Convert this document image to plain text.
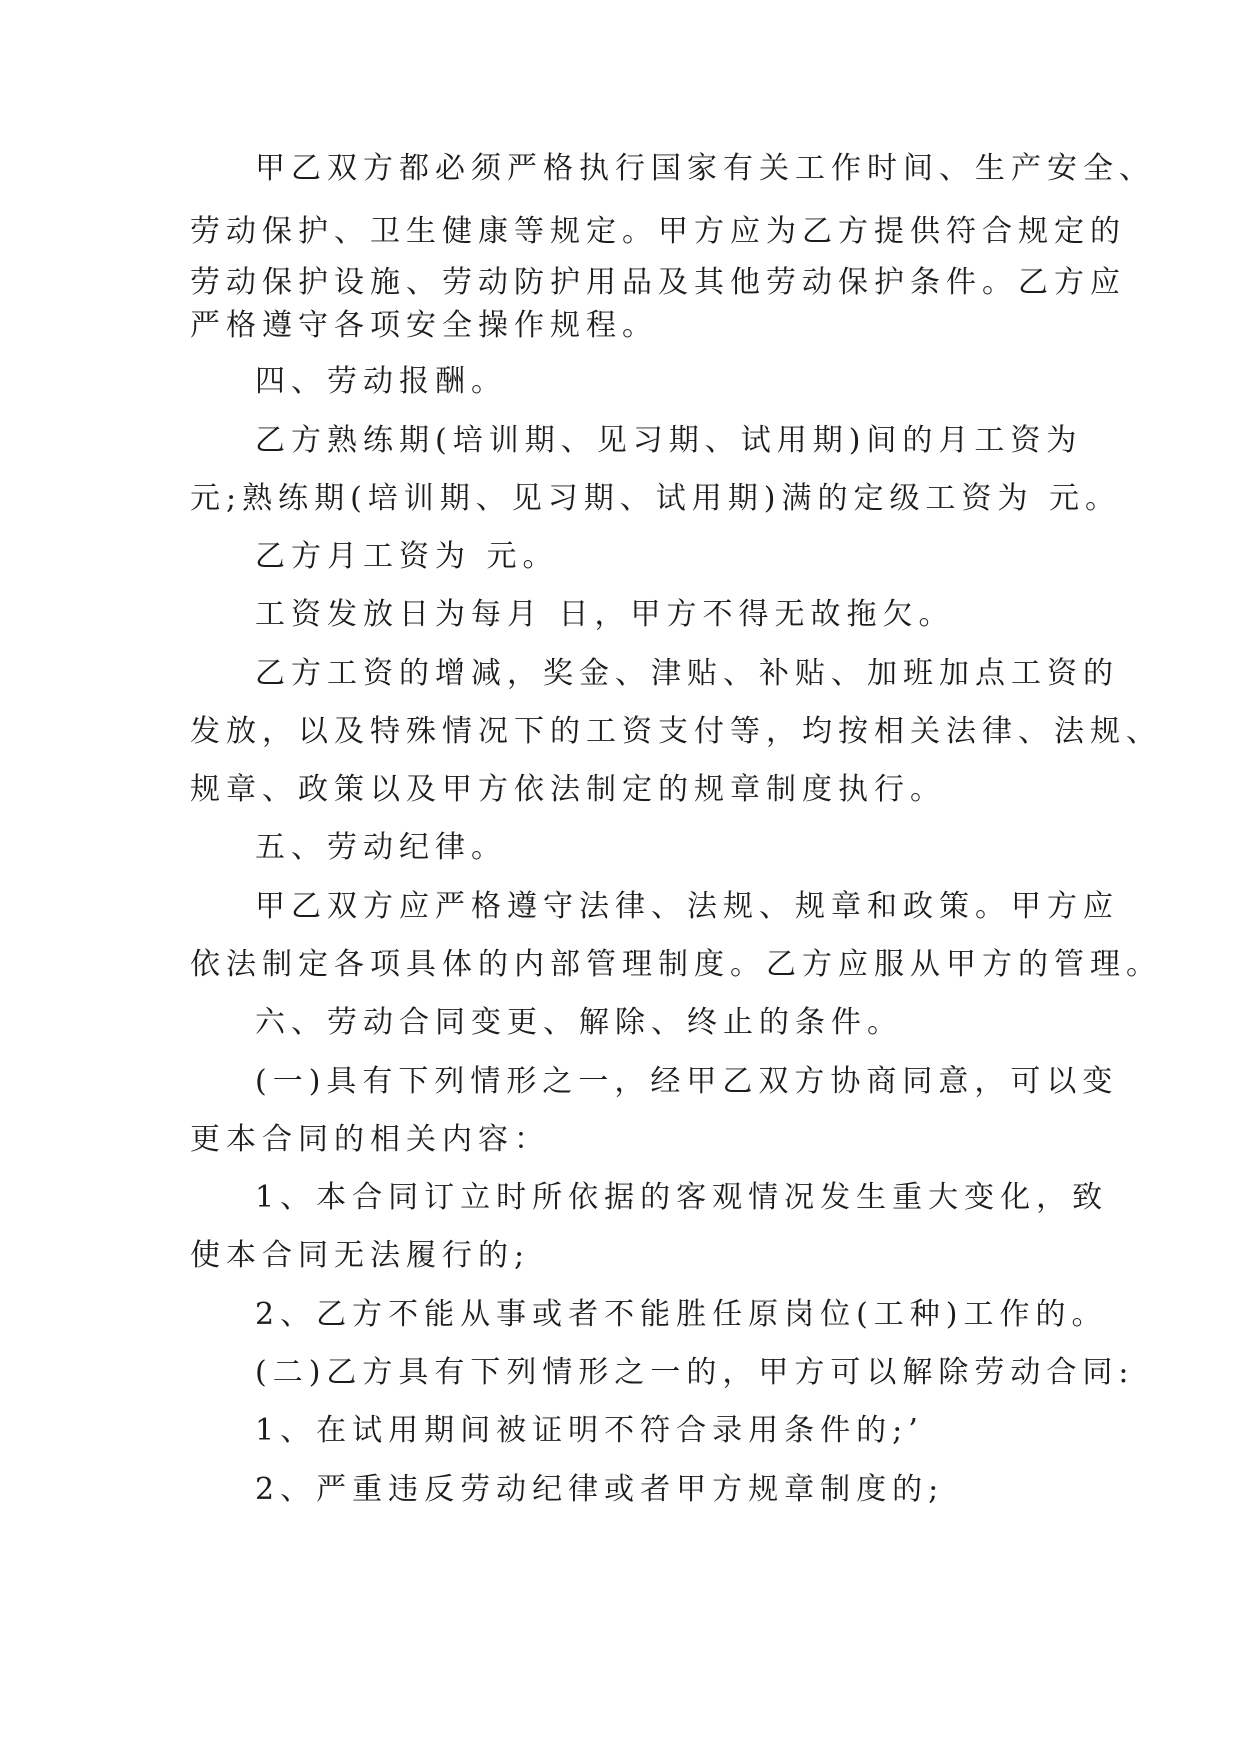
甲乙双方都必须严格执行国家有关工作时间、生产安全、

劳动保护、卫生健康等规定。甲方应为乙方提供符合规定的

劳动保护设施、劳动防护用品及其他劳动保护条件。乙方应

严格遵守各项安全操作规程。

四、劳动报酬。

乙方熟练期(培训期、见习期、试用期)间的月工资为

元;熟练期(培训期、见习期、试用期)满的定级工资为 元。

乙方月工资为 元。

工资发放日为每月 日，甲方不得无故拖欠。

乙方工资的增减，奖金、津贴、补贴、加班加点工资的

发放，以及特殊情况下的工资支付等，均按相关法律、法规、

规章、政策以及甲方依法制定的规章制度执行。

五、劳动纪律。

甲乙双方应严格遵守法律、法规、规章和政策。甲方应

依法制定各项具体的内部管理制度。乙方应服从甲方的管理。

六、劳动合同变更、解除、终止的条件。

(一)具有下列情形之一，经甲乙双方协商同意，可以变

更本合同的相关内容：

1、本合同订立时所依据的客观情况发生重大变化，致

使本合同无法履行的;

2、乙方不能从事或者不能胜任原岗位(工种)工作的。

(二)乙方具有下列情形之一的，甲方可以解除劳动合同:

1、在试用期间被证明不符合录用条件的;’

2、严重违反劳动纪律或者甲方规章制度的;
